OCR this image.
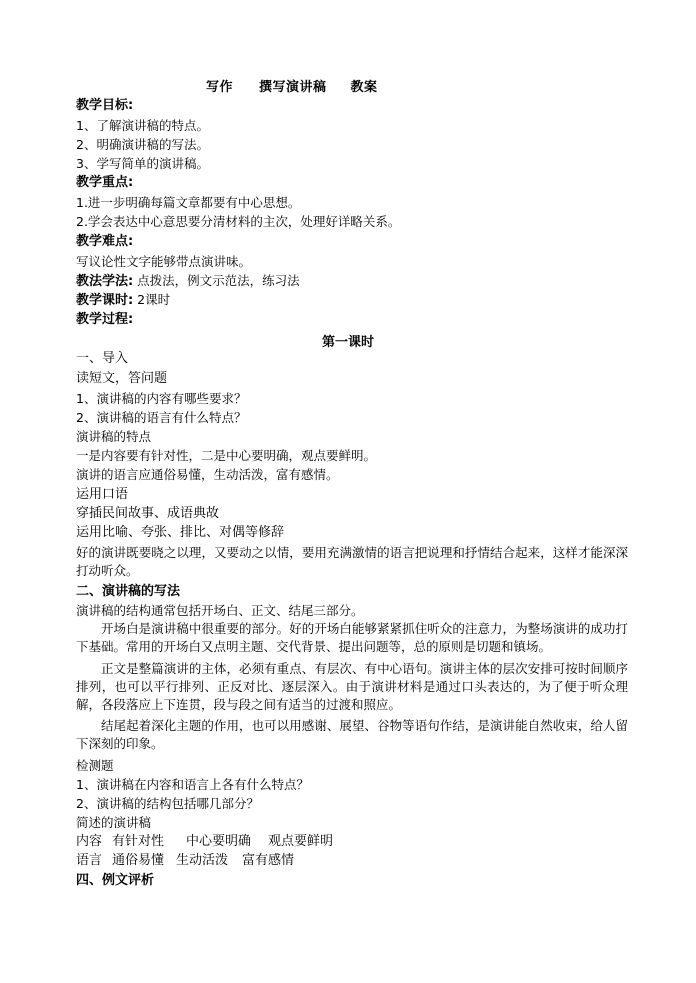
写作 撰写演讲稿 教案
教学目标:
1、了解演讲稿的特点。
2、明确演讲稿的写法。
3、学写简单的演讲稿。
教学重点:
1.进一步明确每篇文章都要有中心思想。
2.学会表达中心意思要分清材料的主次，处理好详略关系。
教学难点:
写议论性文字能够带点演讲味。
教法学法: 点拨法，例文示范法，练习法
教学课时: 2课时
教学过程:
第一课时
一、导入
读短文，答问题
1、演讲稿的内容有哪些要求？
2、演讲稿的语言有什么特点？
演讲稿的特点
一是内容要有针对性，二是中心要明确，观点要鲜明。
演讲的语言应通俗易懂，生动活泼，富有感情。
运用口语
穿插民间故事、成语典故
运用比喻、夸张、排比、对偶等修辞
好的演讲既要晓之以理，又要动之以情，要用充满激情的语言把说理和抒情结合起来，这样才能深深打动听众。
二、演讲稿的写法
演讲稿的结构通常包括开场白、正文、结尾三部分。
开场白是演讲稿中很重要的部分。好的开场白能够紧紧抓住听众的注意力，为整场演讲的成功打下基础。常用的开场白又点明主题、交代背景、提出问题等，总的原则是切题和镇场。
正文是整篇演讲的主体，必须有重点、有层次、有中心语句。演讲主体的层次安排可按时间顺序排列，也可以平行排列、正反对比、逐层深入。由于演讲材料是通过口头表达的，为了便于听众理解，各段落应上下连贯，段与段之间有适当的过渡和照应。
结尾起着深化主题的作用，也可以用感谢、展望、谷物等语句作结，是演讲能自然收束，给人留下深刻的印象。
检测题
1、演讲稿在内容和语言上各有什么特点？
2、演讲稿的结构包括哪几部分？
简述的演讲稿
内容 有针对性 中心要明确 观点要鲜明
语言 通俗易懂 生动活泼 富有感情
四、例文评析
